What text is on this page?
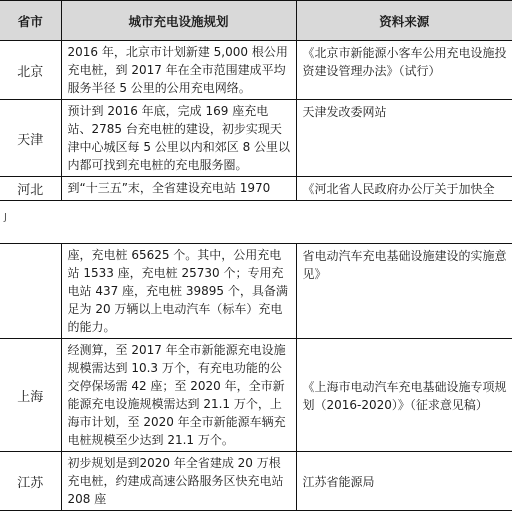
省市	城市充电设施规划	资料来源
北京	2016 年，北京市计划新建 5,000 根公用充电桩，到 2017 年在全市范围建成平均服务半径 5 公里的公用充电网络。	《北京市新能源小客车公用充电设施投资建设管理办法》（试行）
天津	预计到 2016 年底，完成 169 座充电站、2785 台充电桩的建设，初步实现天津中心城区每 5 公里以内和郊区 8 公里以内都可找到充电桩的充电服务圈。	天津发改委网站
河北	到“十三五”末，全省建设充电站 1970	《河北省人民政府办公厅关于加快全
J
	座，充电桩 65625 个。其中，公用充电站 1533 座，充电桩 25730 个；专用充电站 437 座，充电桩 39895 个，具备满足为 20 万辆以上电动汽车（标车）充电的能力。	省电动汽车充电基础设施建设的实施意见》
上海	经测算，至 2017 年全市新能源充电设施规模需达到 10.3 万个，有充电功能的公交停保场需 42 座；至 2020 年，全市新能源充电设施规模需达到 21.1 万个，上海市计划，至 2020 年全市新能源车辆充电桩规模至少达到 21.1 万个。	《上海市电动汽车充电基础设施专项规划（2016-2020）》（征求意见稿）
江苏	初步规划是到2020 年全省建成 20 万根充电桩，约建成高速公路服务区快充电站 208 座	江苏省能源局
